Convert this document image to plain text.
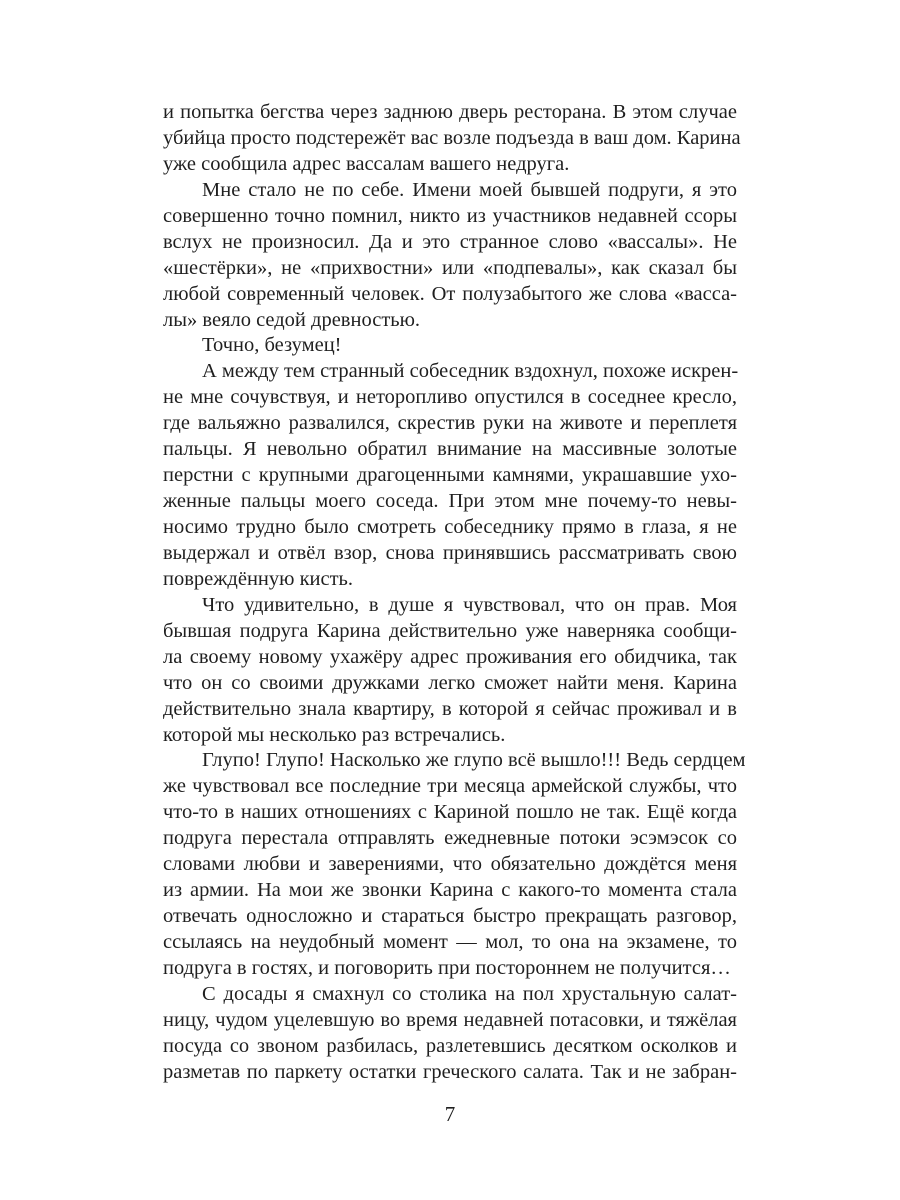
и попытка бегства через заднюю дверь ресторана. В этом случае
убийца просто подстережёт вас возле подъезда в ваш дом. Карина
уже сообщила адрес вассалам вашего недруга.
Мне стало не по себе. Имени моей бывшей подруги, я это
совершенно точно помнил, никто из участников недавней ссоры
вслух не произносил. Да и это странное слово «вассалы». Не
«шестёрки», не «прихвостни» или «подпевалы», как сказал бы
любой современный человек. От полузабытого же слова «васса-
лы» веяло седой древностью.
Точно, безумец!
А между тем странный собеседник вздохнул, похоже искрен-
не мне сочувствуя, и неторопливо опустился в соседнее кресло,
где вальяжно развалился, скрестив руки на животе и переплетя
пальцы. Я невольно обратил внимание на массивные золотые
перстни с крупными драгоценными камнями, украшавшие ухо-
женные пальцы моего соседа. При этом мне почему-то невы-
носимо трудно было смотреть собеседнику прямо в глаза, я не
выдержал и отвёл взор, снова принявшись рассматривать свою
повреждённую кисть.
Что удивительно, в душе я чувствовал, что он прав. Моя
бывшая подруга Карина действительно уже наверняка сообщи-
ла своему новому ухажёру адрес проживания его обидчика, так
что он со своими дружками легко сможет найти меня. Карина
действительно знала квартиру, в которой я сейчас проживал и в
которой мы несколько раз встречались.
Глупо! Глупо! Насколько же глупо всё вышло!!! Ведь сердцем
же чувствовал все последние три месяца армейской службы, что
что-то в наших отношениях с Кариной пошло не так. Ещё когда
подруга перестала отправлять ежедневные потоки эсэмэсок со
словами любви и заверениями, что обязательно дождётся меня
из армии. На мои же звонки Карина с какого-то момента стала
отвечать односложно и стараться быстро прекращать разговор,
ссылаясь на неудобный момент — мол, то она на экзамене, то
подруга в гостях, и поговорить при постороннем не получится…
С досады я смахнул со столика на пол хрустальную салат-
ницу, чудом уцелевшую во время недавней потасовки, и тяжёлая
посуда со звоном разбилась, разлетевшись десятком осколков и
разметав по паркету остатки греческого салата. Так и не забран-
7
